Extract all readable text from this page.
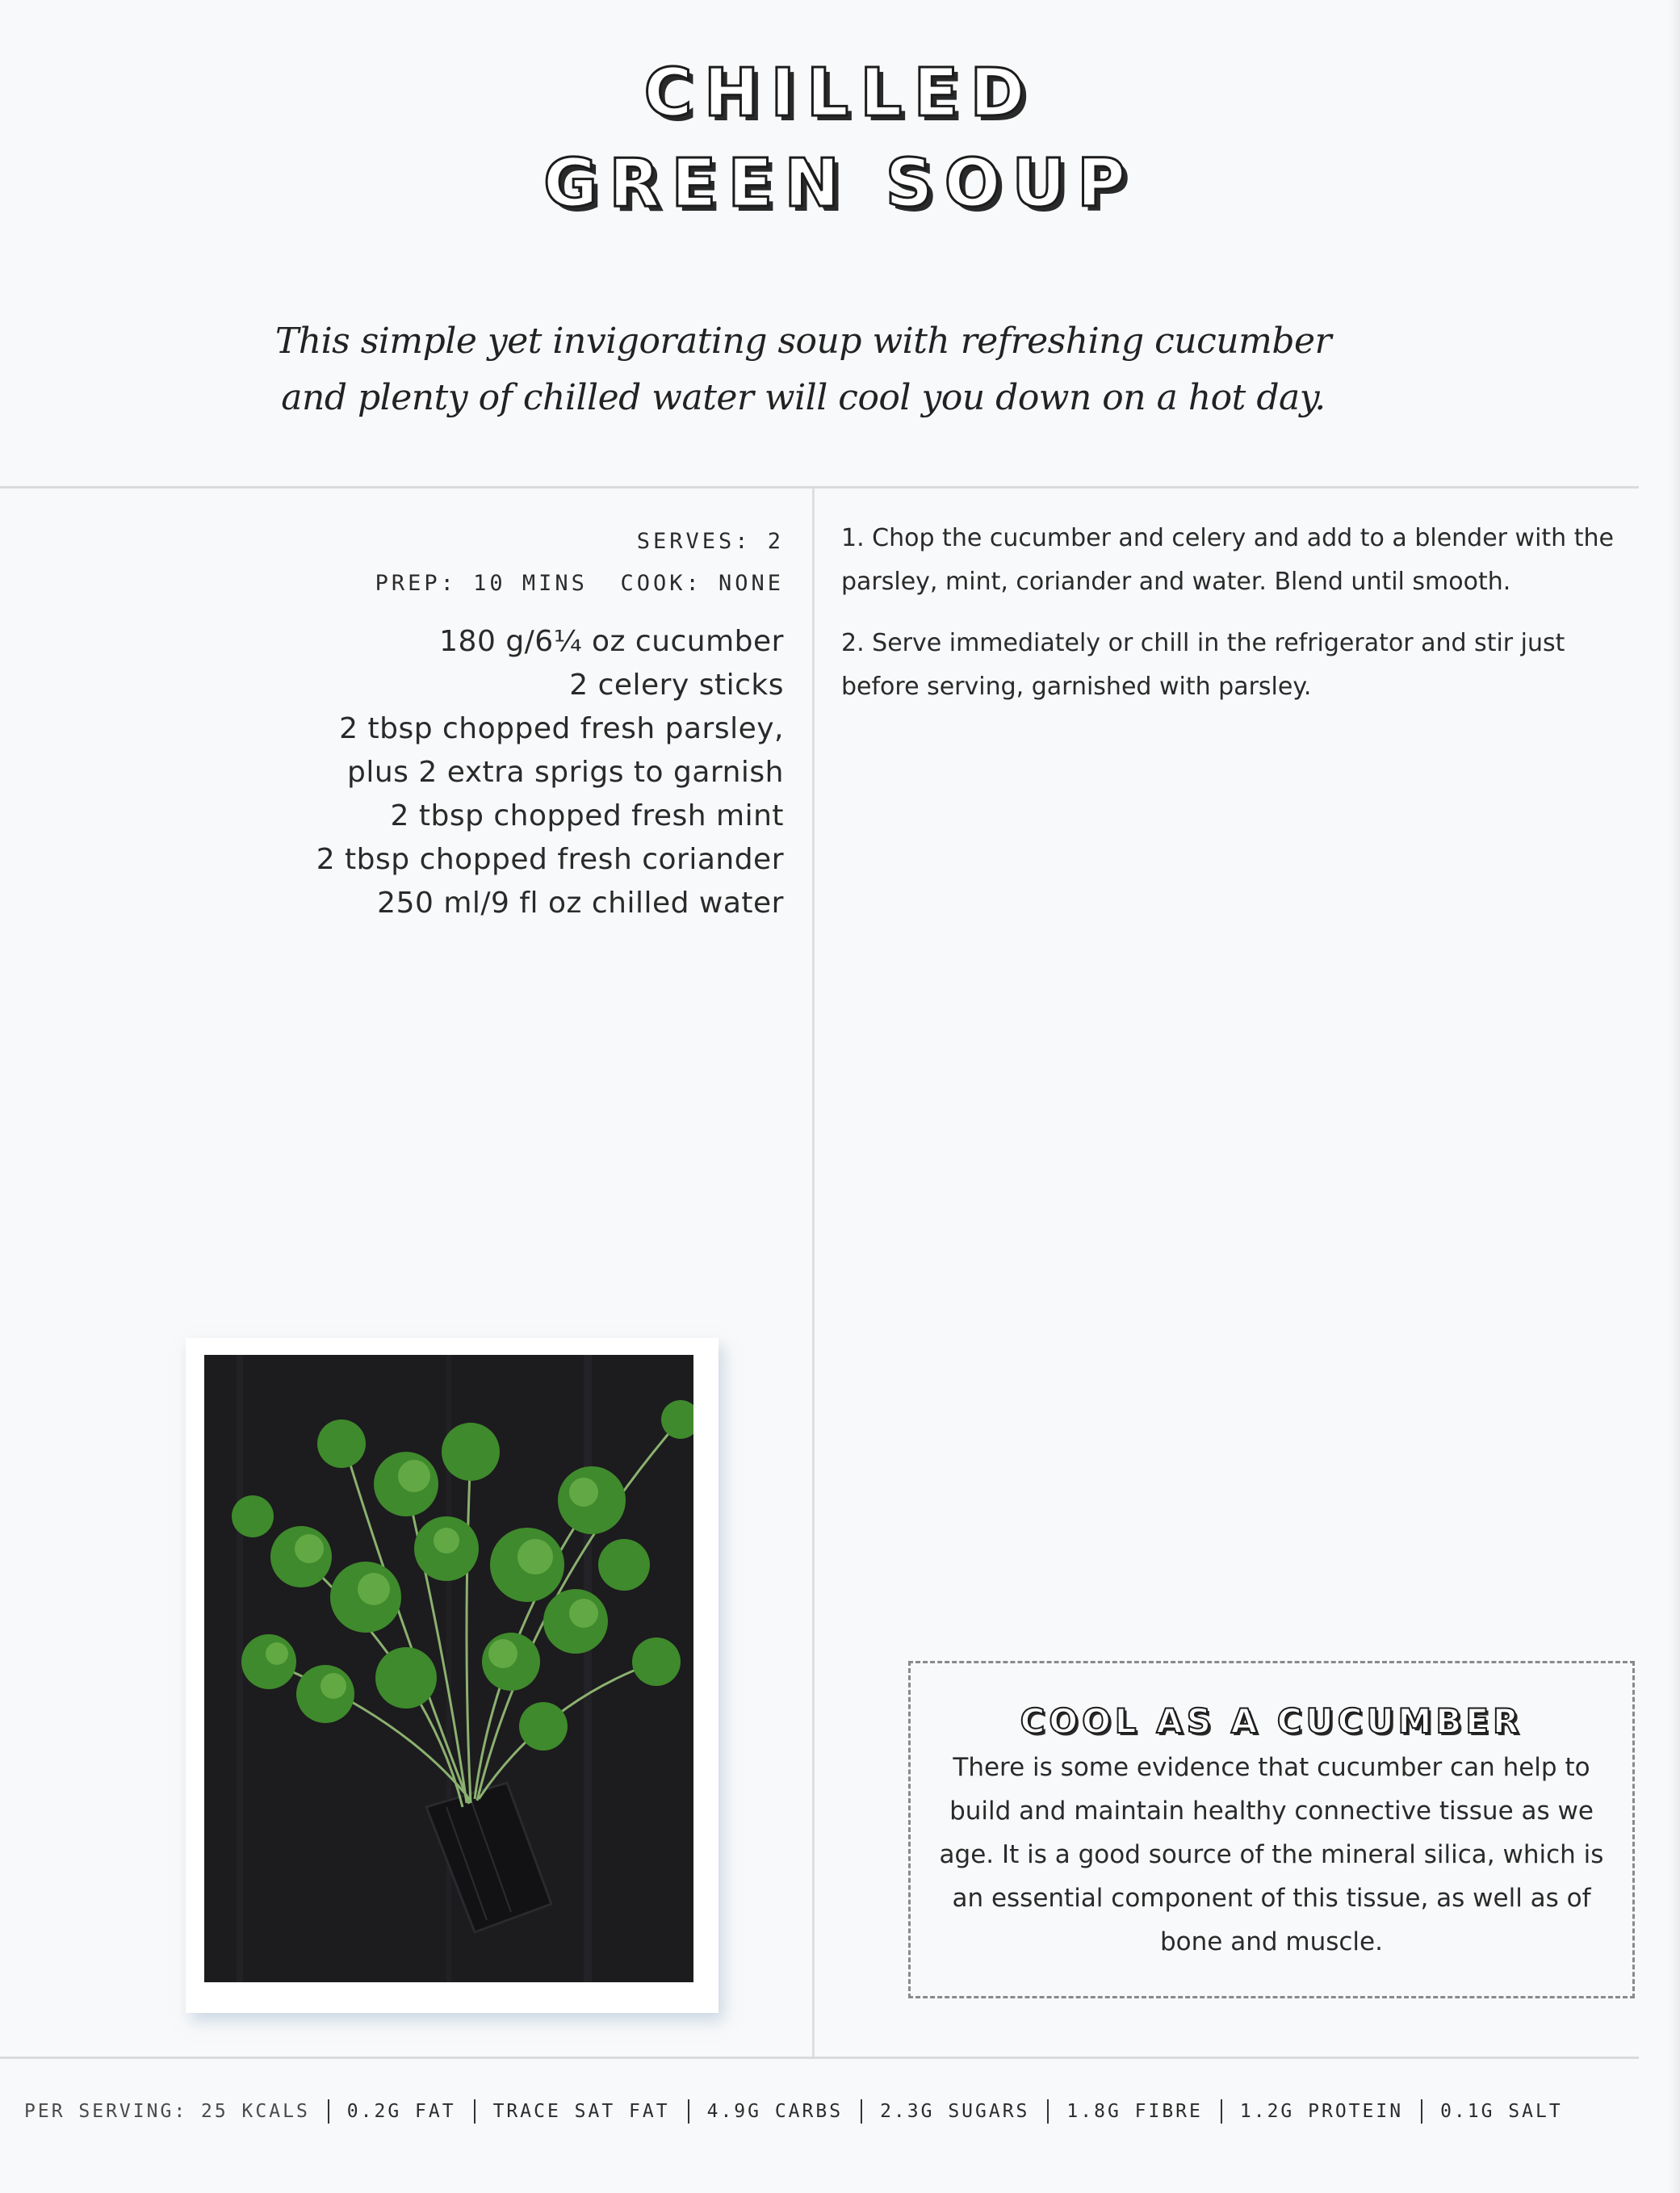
CHILLED
GREEN SOUP
This simple yet invigorating soup with refreshing cucumber
and plenty of chilled water will cool you down on a hot day.
SERVES: 2
PREP: 10 MINS  COOK: NONE
180 g/6¼ oz cucumber
2 celery sticks
2 tbsp chopped fresh parsley,
plus 2 extra sprigs to garnish
2 tbsp chopped fresh mint
2 tbsp chopped fresh coriander
250 ml/9 fl oz chilled water
1. Chop the cucumber and celery and add to a blender with the parsley, mint, coriander and water. Blend until smooth.
2. Serve immediately or chill in the refrigerator and stir just before serving, garnished with parsley.
COOL AS A CUCUMBER
There is some evidence that cucumber can help to build and maintain healthy connective tissue as we age. It is a good source of the mineral silica, which is an essential component of this tissue, as well as of bone and muscle.
PER SERVING: 25 KCALS 0.2G FAT TRACE SAT FAT 4.9G CARBS 2.3G SUGARS 1.8G FIBRE 1.2G PROTEIN 0.1G SALT
